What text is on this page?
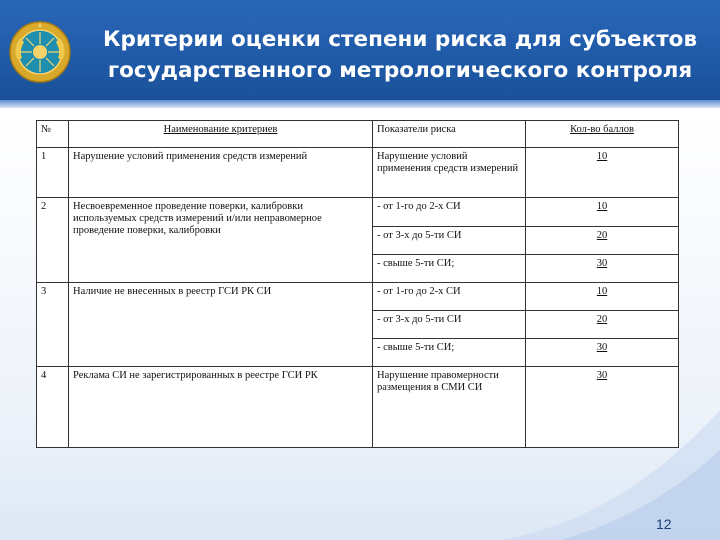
Критерии оценки степени риска для субъектов
государственного метрологического контроля
№	Наименование критериев	Показатели риска	Кол-во баллов
1	Нарушение условий применения средств измерений	Нарушение условий применения средств измерений	10
2	Несвоевременное проведение поверки, калибровки используемых средств измерений и/или неправомерное проведение поверки, калибровки	- от 1-го до 2-х СИ	10
		- от 3-х до 5-ти СИ	20
		- свыше 5-ти СИ;	30
3	Наличие не внесенных в реестр ГСИ РК СИ	- от 1-го до 2-х СИ	10
		- от 3-х до 5-ти СИ	20
		- свыше 5-ти СИ;	30
4	Реклама СИ не зарегистрированных в реестре ГСИ РК	Нарушение правомерности размещения в СМИ СИ	30
12
